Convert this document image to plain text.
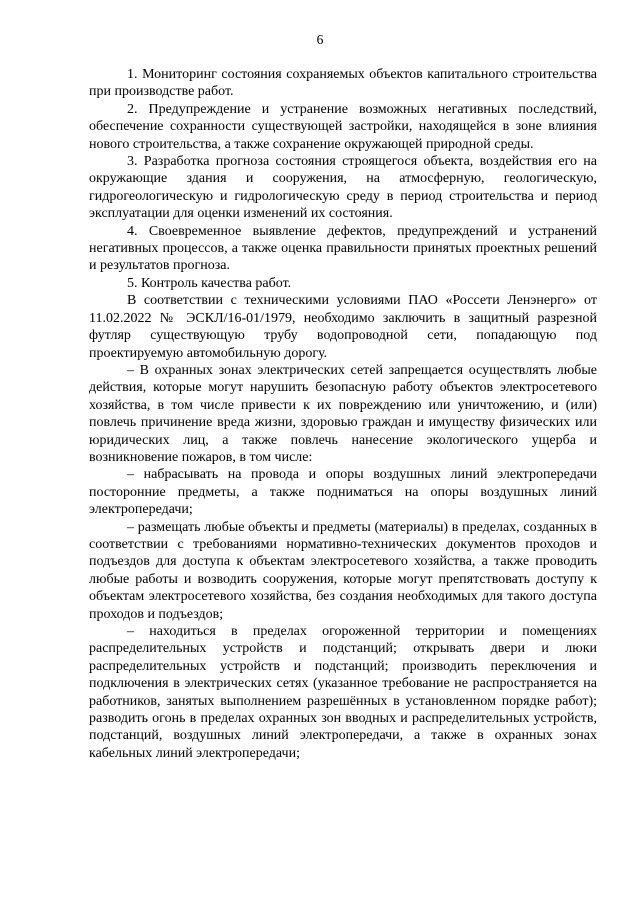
6

1. Мониторинг состояния сохраняемых объектов капитального строительства при производстве работ.

2. Предупреждение и устранение возможных негативных последствий, обеспечение сохранности существующей застройки, находящейся в зоне влияния нового строительства, а также сохранение окружающей природной среды.

3. Разработка прогноза состояния строящегося объекта, воздействия его на окружающие здания и сооружения, на атмосферную, геологическую, гидрогеологическую и гидрологическую среду в период строительства и период эксплуатации для оценки изменений их состояния.

4. Своевременное выявление дефектов, предупреждений и устранений негативных процессов, а также оценка правильности принятых проектных решений и результатов прогноза.

5. Контроль качества работ.

В соответствии с техническими условиями ПАО «Россети Ленэнерго» от 11.02.2022 № ЭСКЛ/16-01/1979, необходимо заключить в защитный разрезной футляр существующую трубу водопроводной сети, попадающую под проектируемую автомобильную дорогу.

– В охранных зонах электрических сетей запрещается осуществлять любые действия, которые могут нарушить безопасную работу объектов электросетевого хозяйства, в том числе привести к их повреждению или уничтожению, и (или) повлечь причинение вреда жизни, здоровью граждан и имуществу физических или юридических лиц, а также повлечь нанесение экологического ущерба и возникновение пожаров, в том числе:

– набрасывать на провода и опоры воздушных линий электропередачи посторонние предметы, а также подниматься на опоры воздушных линий электропередачи;

– размещать любые объекты и предметы (материалы) в пределах, созданных в соответствии с требованиями нормативно-технических документов проходов и подъездов для доступа к объектам электросетевого хозяйства, а также проводить любые работы и возводить сооружения, которые могут препятствовать доступу к объектам электросетевого хозяйства, без создания необходимых для такого доступа проходов и подъездов;

– находиться в пределах огороженной территории и помещениях распределительных устройств и подстанций; открывать двери и люки распределительных устройств и подстанций; производить переключения и подключения в электрических сетях (указанное требование не распространяется на работников, занятых выполнением разрешённых в установленном порядке работ); разводить огонь в пределах охранных зон вводных и распределительных устройств, подстанций, воздушных линий электропередачи, а также в охранных зонах кабельных линий электропередачи;
